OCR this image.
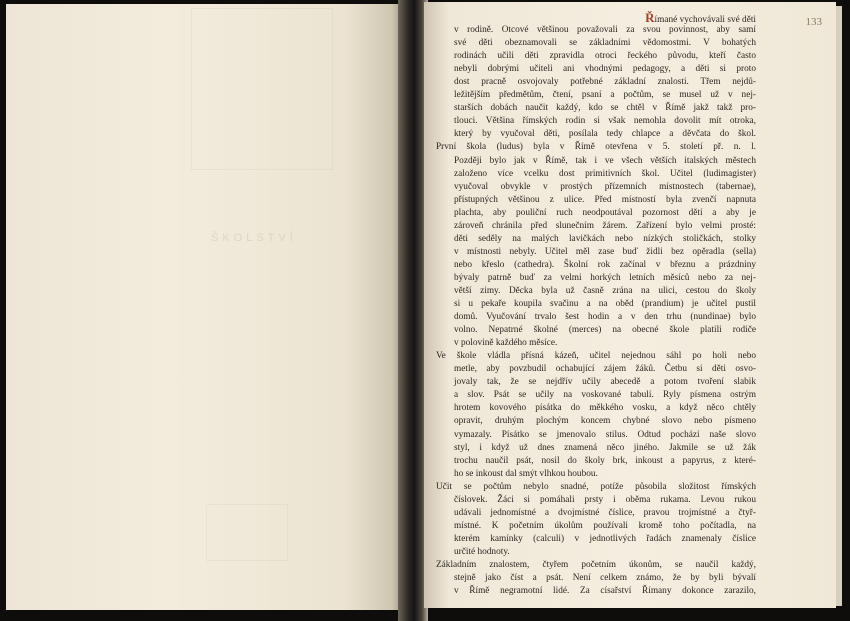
ŠKOLSTVÍ
133
Římané vychovávali své děti
v rodině. Otcové většinou považovali za svou povinnost, aby samí
své děti obeznamovali se základními vědomostmi. V bohatých
rodinách učili děti zpravidla otroci řeckého původu, kteří často
nebyli dobrými učiteli ani vhodnými pedagogy, a děti si proto
dost pracně osvojovaly potřebné základní znalosti. Třem nejdů-
ležitějším předmětům, čtení, psaní a počtům, se musel už v nej-
starších dobách naučit každý, kdo se chtěl v Římě jakž takž pro-
tlouci. Většina římských rodin si však nemohla dovolit mít otroka,
který by vyučoval děti, posílala tedy chlapce a děvčata do škol.
První škola (ludus) byla v Římě otevřena v 5. století př. n. l.
Později bylo jak v Římě, tak i ve všech větších italských městech
založeno více vcelku dost primitivních škol. Učitel (ludimagister)
vyučoval obvykle v prostých přízemních místnostech (tabernae),
přístupných většinou z ulice. Před místností byla zvenčí napnuta
plachta, aby pouliční ruch neodpoutával pozornost dětí a aby je
zároveň chránila před slunečním žárem. Zařízení bylo velmi prosté:
děti seděly na malých lavičkách nebo nízkých stoličkách, stolky
v místnosti nebyly. Učitel měl zase buď židli bez opěradla (sella)
nebo křeslo (cathedra). Školní rok začínal v březnu a prázdniny
bývaly patrně buď za velmi horkých letních měsíců nebo za nej-
větší zimy. Děcka byla už časně zrána na ulici, cestou do školy
si u pekaře koupila svačinu a na oběd (prandium) je učitel pustil
domů. Vyučování trvalo šest hodin a v den trhu (nundinae) bylo
volno. Nepatrné školné (merces) na obecné škole platili rodiče
v polovině každého měsíce.
Ve škole vládla přísná kázeň, učitel nejednou sáhl po holi nebo
metle, aby povzbudil ochabující zájem žáků. Četbu si děti osvo-
jovaly tak, že se nejdřív učily abecedě a potom tvoření slabik
a slov. Psát se učily na voskované tabulí. Ryly písmena ostrým
hrotem kovového písátka do měkkého vosku, a když něco chtěly
opravit, druhým plochým koncem chybné slovo nebo písmeno
vymazaly. Písátko se jmenovalo stilus. Odtud pochází naše slovo
styl, i když už dnes znamená něco jiného. Jakmile se už žák
trochu naučil psát, nosil do školy brk, inkoust a papyrus, z které-
ho se inkoust dal smýt vlhkou houbou.
Učit se počtům nebylo snadné, potíže působila složitost římských
číslovek. Žáci si pomáhali prsty i oběma rukama. Levou rukou
udávali jednomístné a dvojmístné číslice, pravou trojmístné a čtyř-
místné. K početním úkolům používali kromě toho počítadla, na
kterém kamínky (calculi) v jednotlivých řadách znamenaly číslice
určité hodnoty.
Základním znalostem, čtyřem početním úkonům, se naučil každý,
stejně jako číst a psát. Není celkem známo, že by byli bývalí
v Římě negramotní lidé. Za císařství Římany dokonce zarazilo,
